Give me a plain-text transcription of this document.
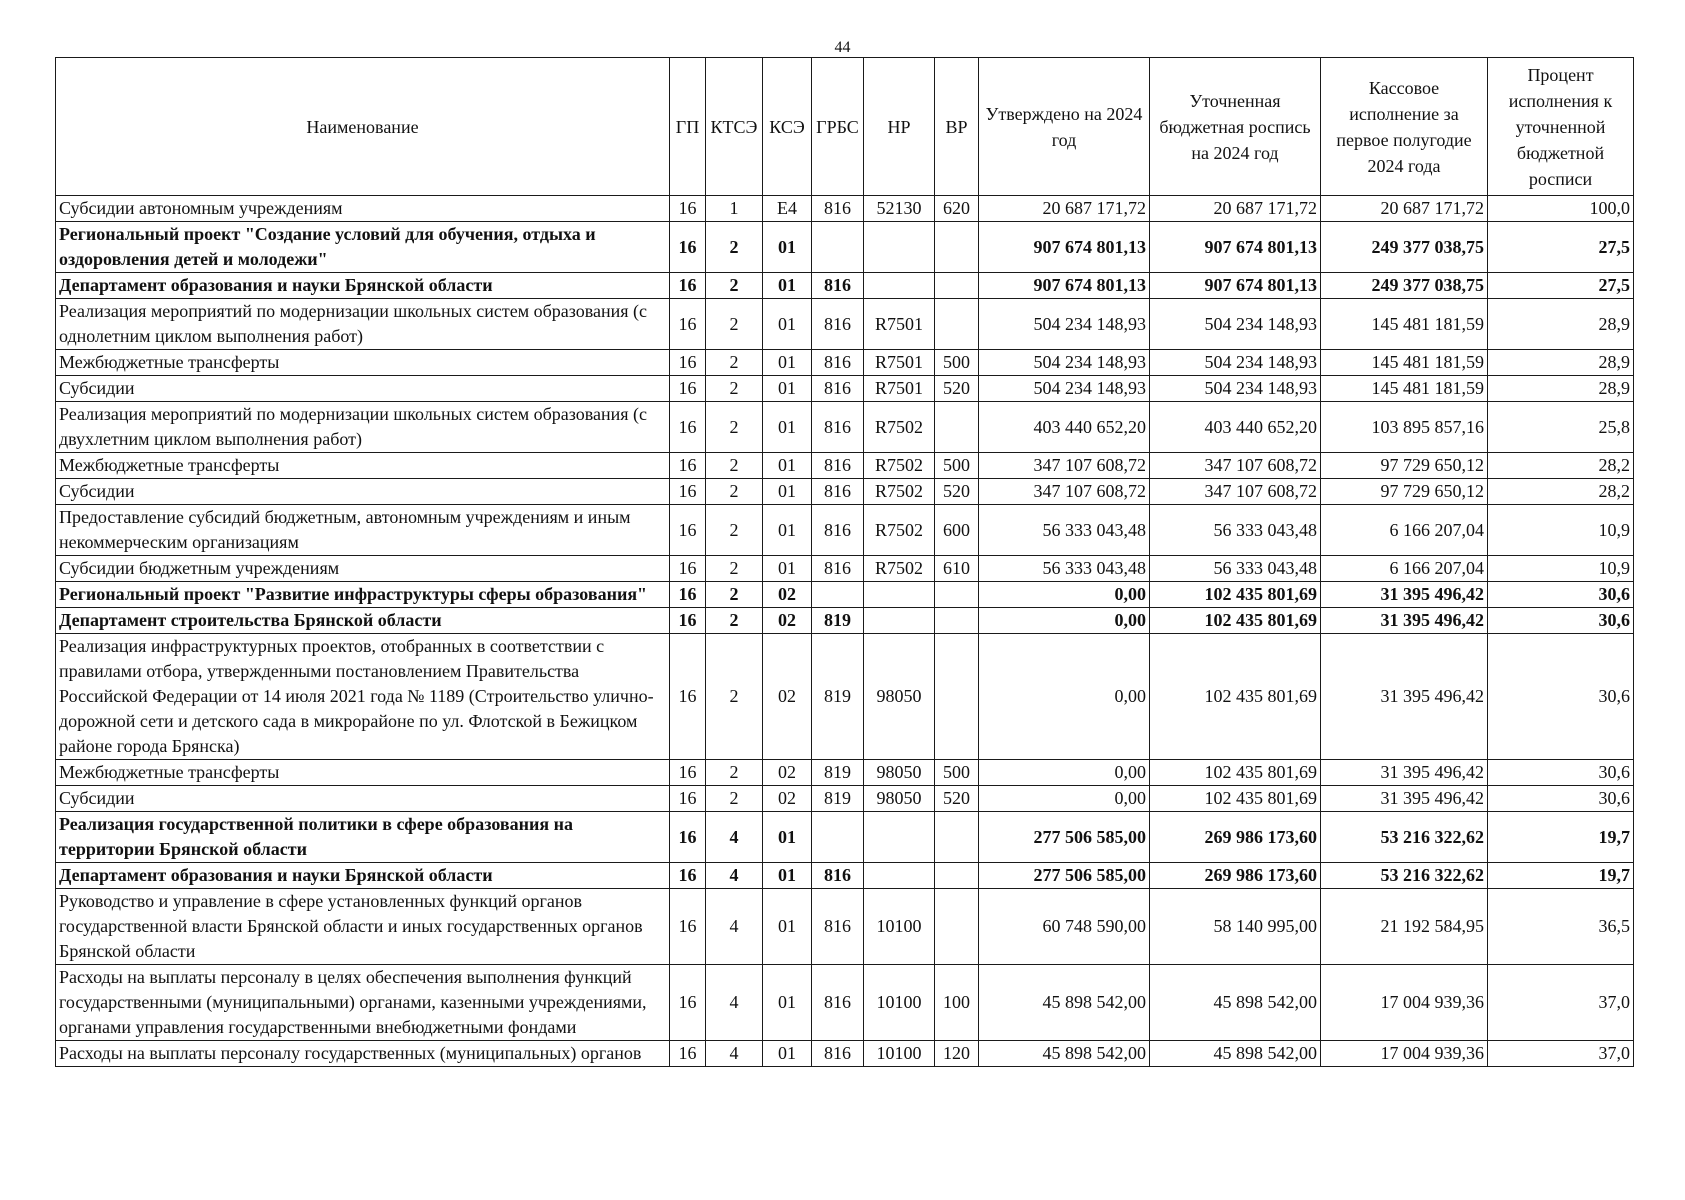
44
Наименование	ГП	КТСЭ	КСЭ	ГРБС	НР	ВР	Утверждено на 2024 год	Уточненная бюджетная роспись на 2024 год	Кассовое исполнение за первое полугодие 2024 года	Процент исполнения к уточненной бюджетной росписи
Субсидии автономным учреждениям	16	1	Е4	816	52130	620	20 687 171,72	20 687 171,72	20 687 171,72	100,0
Региональный проект "Создание условий для обучения, отдыха и оздоровления детей и молодежи"	16	2	01				907 674 801,13	907 674 801,13	249 377 038,75	27,5
Департамент образования и науки Брянской области	16	2	01	816			907 674 801,13	907 674 801,13	249 377 038,75	27,5
Реализация мероприятий по модернизации школьных систем образования (с однолетним циклом выполнения работ)	16	2	01	816	R7501		504 234 148,93	504 234 148,93	145 481 181,59	28,9
Межбюджетные трансферты	16	2	01	816	R7501	500	504 234 148,93	504 234 148,93	145 481 181,59	28,9
Субсидии	16	2	01	816	R7501	520	504 234 148,93	504 234 148,93	145 481 181,59	28,9
Реализация мероприятий по модернизации школьных систем образования (с двухлетним циклом выполнения работ)	16	2	01	816	R7502		403 440 652,20	403 440 652,20	103 895 857,16	25,8
Межбюджетные трансферты	16	2	01	816	R7502	500	347 107 608,72	347 107 608,72	97 729 650,12	28,2
Субсидии	16	2	01	816	R7502	520	347 107 608,72	347 107 608,72	97 729 650,12	28,2
Предоставление субсидий бюджетным, автономным учреждениям и иным некоммерческим организациям	16	2	01	816	R7502	600	56 333 043,48	56 333 043,48	6 166 207,04	10,9
Субсидии бюджетным учреждениям	16	2	01	816	R7502	610	56 333 043,48	56 333 043,48	6 166 207,04	10,9
Региональный проект "Развитие инфраструктуры сферы образования"	16	2	02				0,00	102 435 801,69	31 395 496,42	30,6
Департамент строительства Брянской области	16	2	02	819			0,00	102 435 801,69	31 395 496,42	30,6
Реализация инфраструктурных проектов, отобранных в соответствии с правилами отбора, утвержденными постановлением Правительства Российской Федерации от 14 июля 2021 года № 1189 (Строительство улично-дорожной сети и детского сада в микрорайоне по ул. Флотской в Бежицком районе города Брянска)	16	2	02	819	98050		0,00	102 435 801,69	31 395 496,42	30,6
Межбюджетные трансферты	16	2	02	819	98050	500	0,00	102 435 801,69	31 395 496,42	30,6
Субсидии	16	2	02	819	98050	520	0,00	102 435 801,69	31 395 496,42	30,6
Реализация государственной политики в сфере образования на территории Брянской области	16	4	01				277 506 585,00	269 986 173,60	53 216 322,62	19,7
Департамент образования и науки Брянской области	16	4	01	816			277 506 585,00	269 986 173,60	53 216 322,62	19,7
Руководство и управление в сфере установленных функций органов государственной власти Брянской области и иных государственных органов Брянской области	16	4	01	816	10100		60 748 590,00	58 140 995,00	21 192 584,95	36,5
Расходы на выплаты персоналу в целях обеспечения выполнения функций государственными (муниципальными) органами, казенными учреждениями, органами управления государственными внебюджетными фондами	16	4	01	816	10100	100	45 898 542,00	45 898 542,00	17 004 939,36	37,0
Расходы на выплаты персоналу государственных (муниципальных) органов	16	4	01	816	10100	120	45 898 542,00	45 898 542,00	17 004 939,36	37,0
